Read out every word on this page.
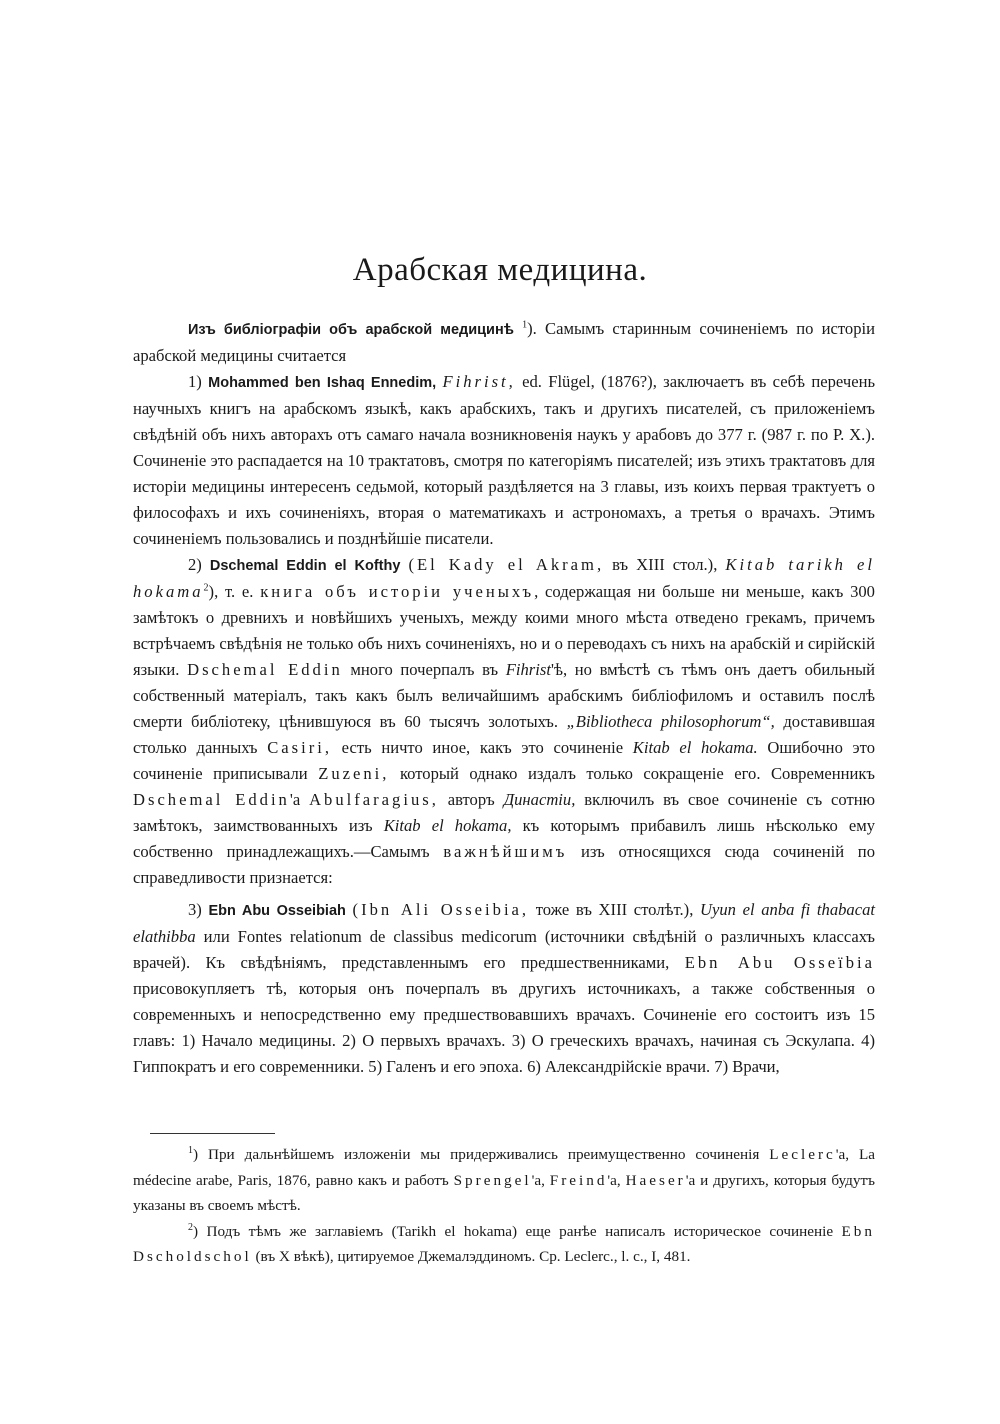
Арабская медицина.

Изъ библіографіи объ арабской медицинѣ $^1$). Самымъ старинным сочиненіемъ по исторіи арабской медицины считается

1) Mohammed ben Ishaq Ennedim, Fihrist, ed. Flügel, (1876?), заключаетъ въ себѣ перечень научныхъ книгъ на арабскомъ языкѣ, какъ арабскихъ, такъ и другихъ писателей, съ приложеніемъ свѣдѣній объ нихъ авторахъ отъ самаго начала возникновенія наукъ у арабовъ до 377 г. (987 г. по Р. X.). Сочиненіе это распадается на 10 трактатовъ, смотря по категоріямъ писателей; изъ этихъ трактатовъ для исторіи медицины интересенъ седьмой, который раздѣляется на 3 главы, изъ коихъ первая трактуетъ о философахъ и ихъ сочиненіяхъ, вторая о математикахъ и астрономахъ, а третья о врачахъ. Этимъ сочиненіемъ пользовались и позднѣйшіе писатели.

2) Dschemal Eddin el Kofthy (El Kady el Akram, въ XIII стол.), Kitab tarikh el hokama$^2$), т. е. книга объ исторіи ученыхъ, содержащая ни больше ни меньше, какъ 300 замѣтокъ о древнихъ и новѣйшихъ ученыхъ, между коими много мѣста отведено грекамъ, причемъ встрѣчаемъ свѣдѣнія не только объ нихъ сочиненіяхъ, но и о переводахъ съ нихъ на арабскій и сирійскій языки. Dschemal Eddin много почерпалъ въ Fihrist'ѣ, но вмѣстѣ съ тѣмъ онъ даетъ обильный собственный матеріалъ, такъ какъ былъ величайшимъ арабскимъ библіофиломъ и оставилъ послѣ смерти библіотеку, цѣнившуюся въ 60 тысячъ золотыхъ. „Bibliotheca philosophorum“, доставившая столько данныхъ Casiri, есть ничто иное, какъ это сочиненіе Kitab el hokama. Ошибочно это сочиненіе приписывали Zuzeni, который однако издалъ только сокращеніе его. Современникъ Dschemal Eddin'a Abulfaragius, авторъ Династіи, включилъ въ свое сочиненіе съ сотню замѣтокъ, заимствованныхъ изъ Kitab el hokama, къ которымъ прибавилъ лишь нѣсколько ему собственно принадлежащихъ.—Самымъ важнѣйшимъ изъ относящихся сюда сочиненій по справедливости признается:

3) Ebn Abu Osseibiah (Ibn Ali Osseibia, тоже въ XIII столѣт.), Uyun el anba fi thabacat elathibba или Fontes relationum de classibus medicorum (источники свѣдѣній о различныхъ классахъ врачей). Къ свѣдѣніямъ, представленнымъ его предшественниками, Ebn Abu Osseïbia присовокупляетъ тѣ, которыя онъ почерпалъ въ другихъ источникахъ, а также собственныя о современныхъ и непосредственно ему предшествовавшихъ врачахъ. Сочиненіе его состоитъ изъ 15 главъ: 1) Начало медицины. 2) О первыхъ врачахъ. 3) О греческихъ врачахъ, начиная съ Эскулапа. 4) Гиппократъ и его современники. 5) Галенъ и его эпоха. 6) Александрійскіе врачи. 7) Врачи,

$^1$) При дальнѣйшемъ изложеніи мы придерживались преимущественно сочиненія Leclerc'a, La médecine arabe, Paris, 1876, равно какъ и работъ Sprengel'a, Freind'a, Haeser'a и другихъ, которыя будутъ указаны въ своемъ мѣстѣ.

$^2$) Подъ тѣмъ же заглавіемъ (Tarikh el hokama) еще ранѣе написалъ историческое сочиненіе Ebn Dscholdschol (въ X вѣкѣ), цитируемое Джемалэддиномъ. Ср. Leclerc., l. c., I, 481.
